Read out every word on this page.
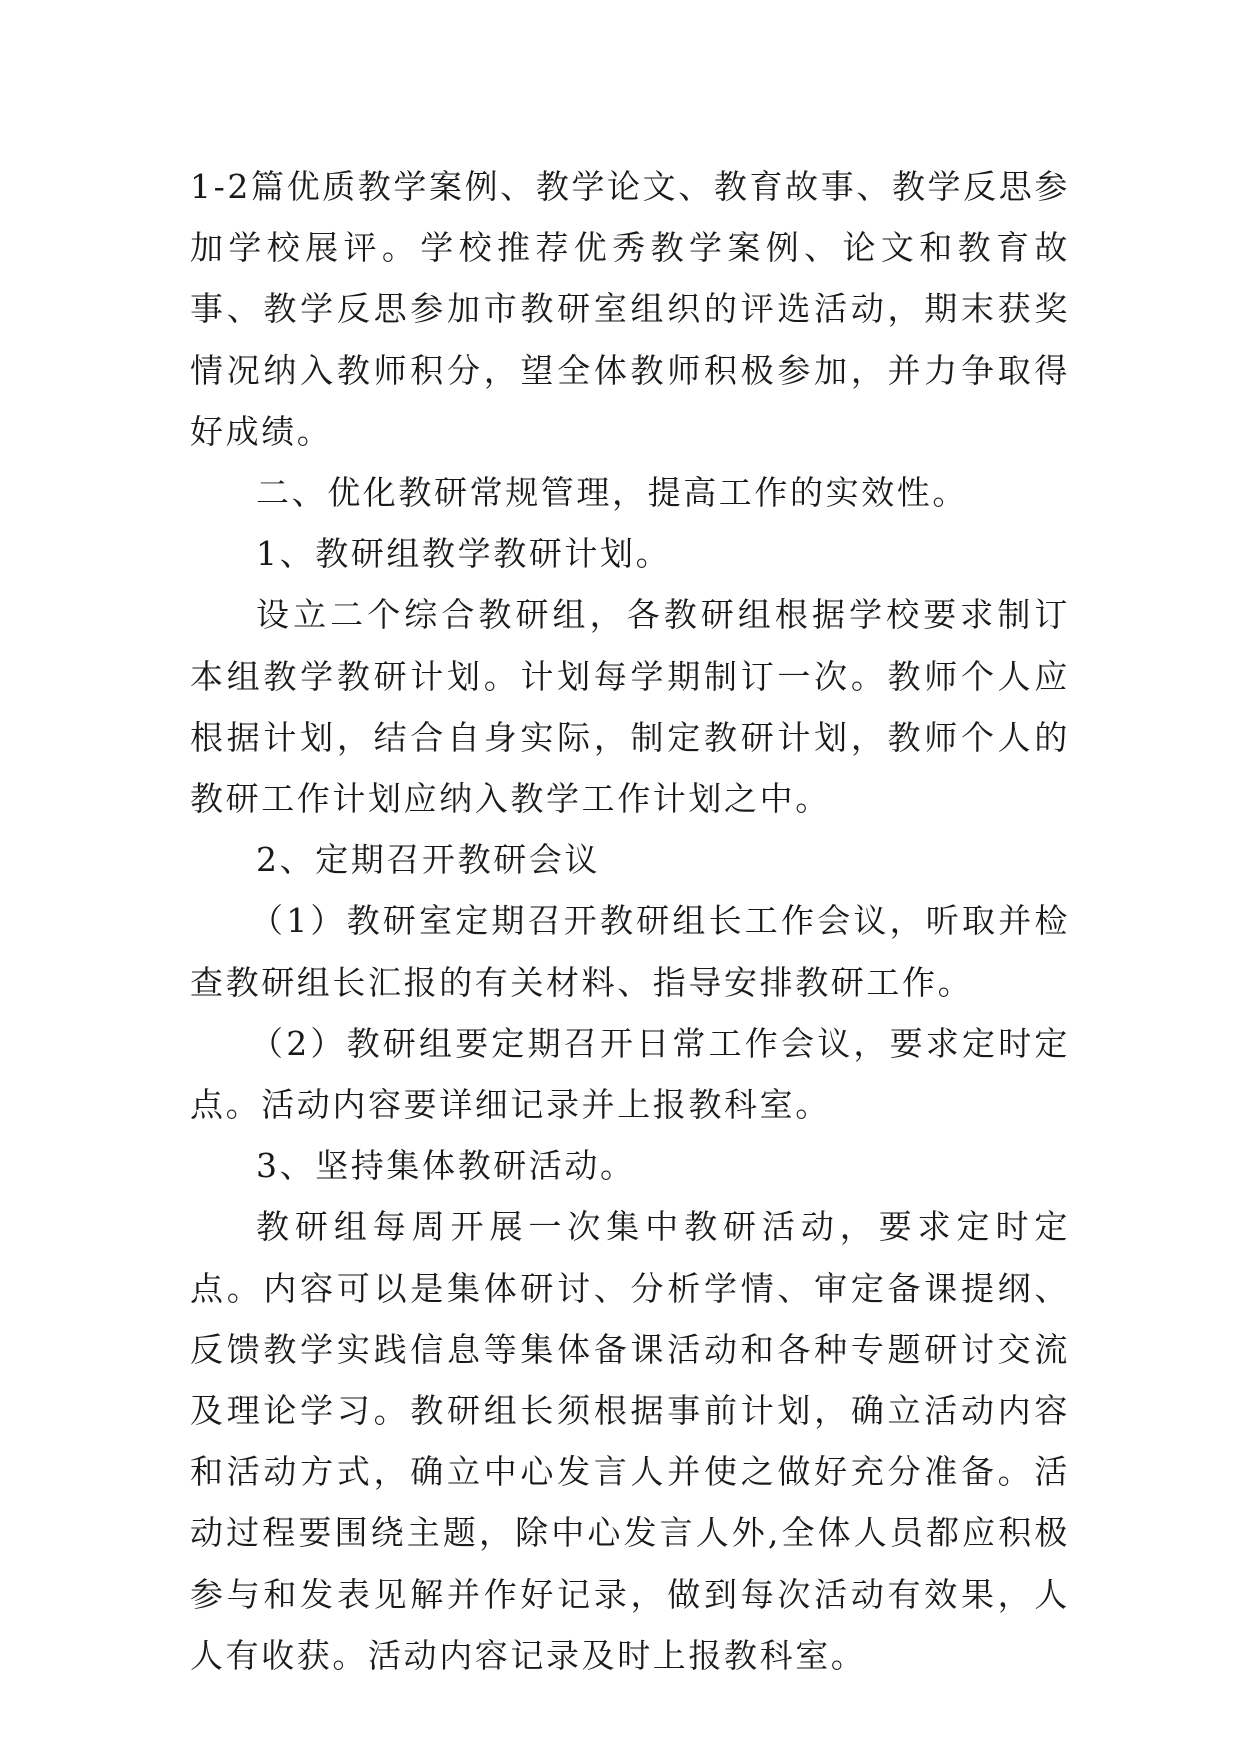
1-2篇优质教学案例、教学论文、教育故事、教学反思参加学校展评。学校推荐优秀教学案例、论文和教育故事、教学反思参加市教研室组织的评选活动，期末获奖情况纳入教师积分，望全体教师积极参加，并力争取得好成绩。

二、优化教研常规管理，提高工作的实效性。

1、教研组教学教研计划。

设立二个综合教研组，各教研组根据学校要求制订本组教学教研计划。计划每学期制订一次。教师个人应根据计划，结合自身实际，制定教研计划，教师个人的教研工作计划应纳入教学工作计划之中。

2、定期召开教研会议

（1）教研室定期召开教研组长工作会议，听取并检查教研组长汇报的有关材料、指导安排教研工作。

（2）教研组要定期召开日常工作会议，要求定时定点。活动内容要详细记录并上报教科室。

3、坚持集体教研活动。

教研组每周开展一次集中教研活动，要求定时定点。内容可以是集体研讨、分析学情、审定备课提纲、反馈教学实践信息等集体备课活动和各种专题研讨交流及理论学习。教研组长须根据事前计划，确立活动内容和活动方式，确立中心发言人并使之做好充分准备。活动过程要围绕主题，除中心发言人外,全体人员都应积极参与和发表见解并作好记录，做到每次活动有效果，人人有收获。活动内容记录及时上报教科室。
